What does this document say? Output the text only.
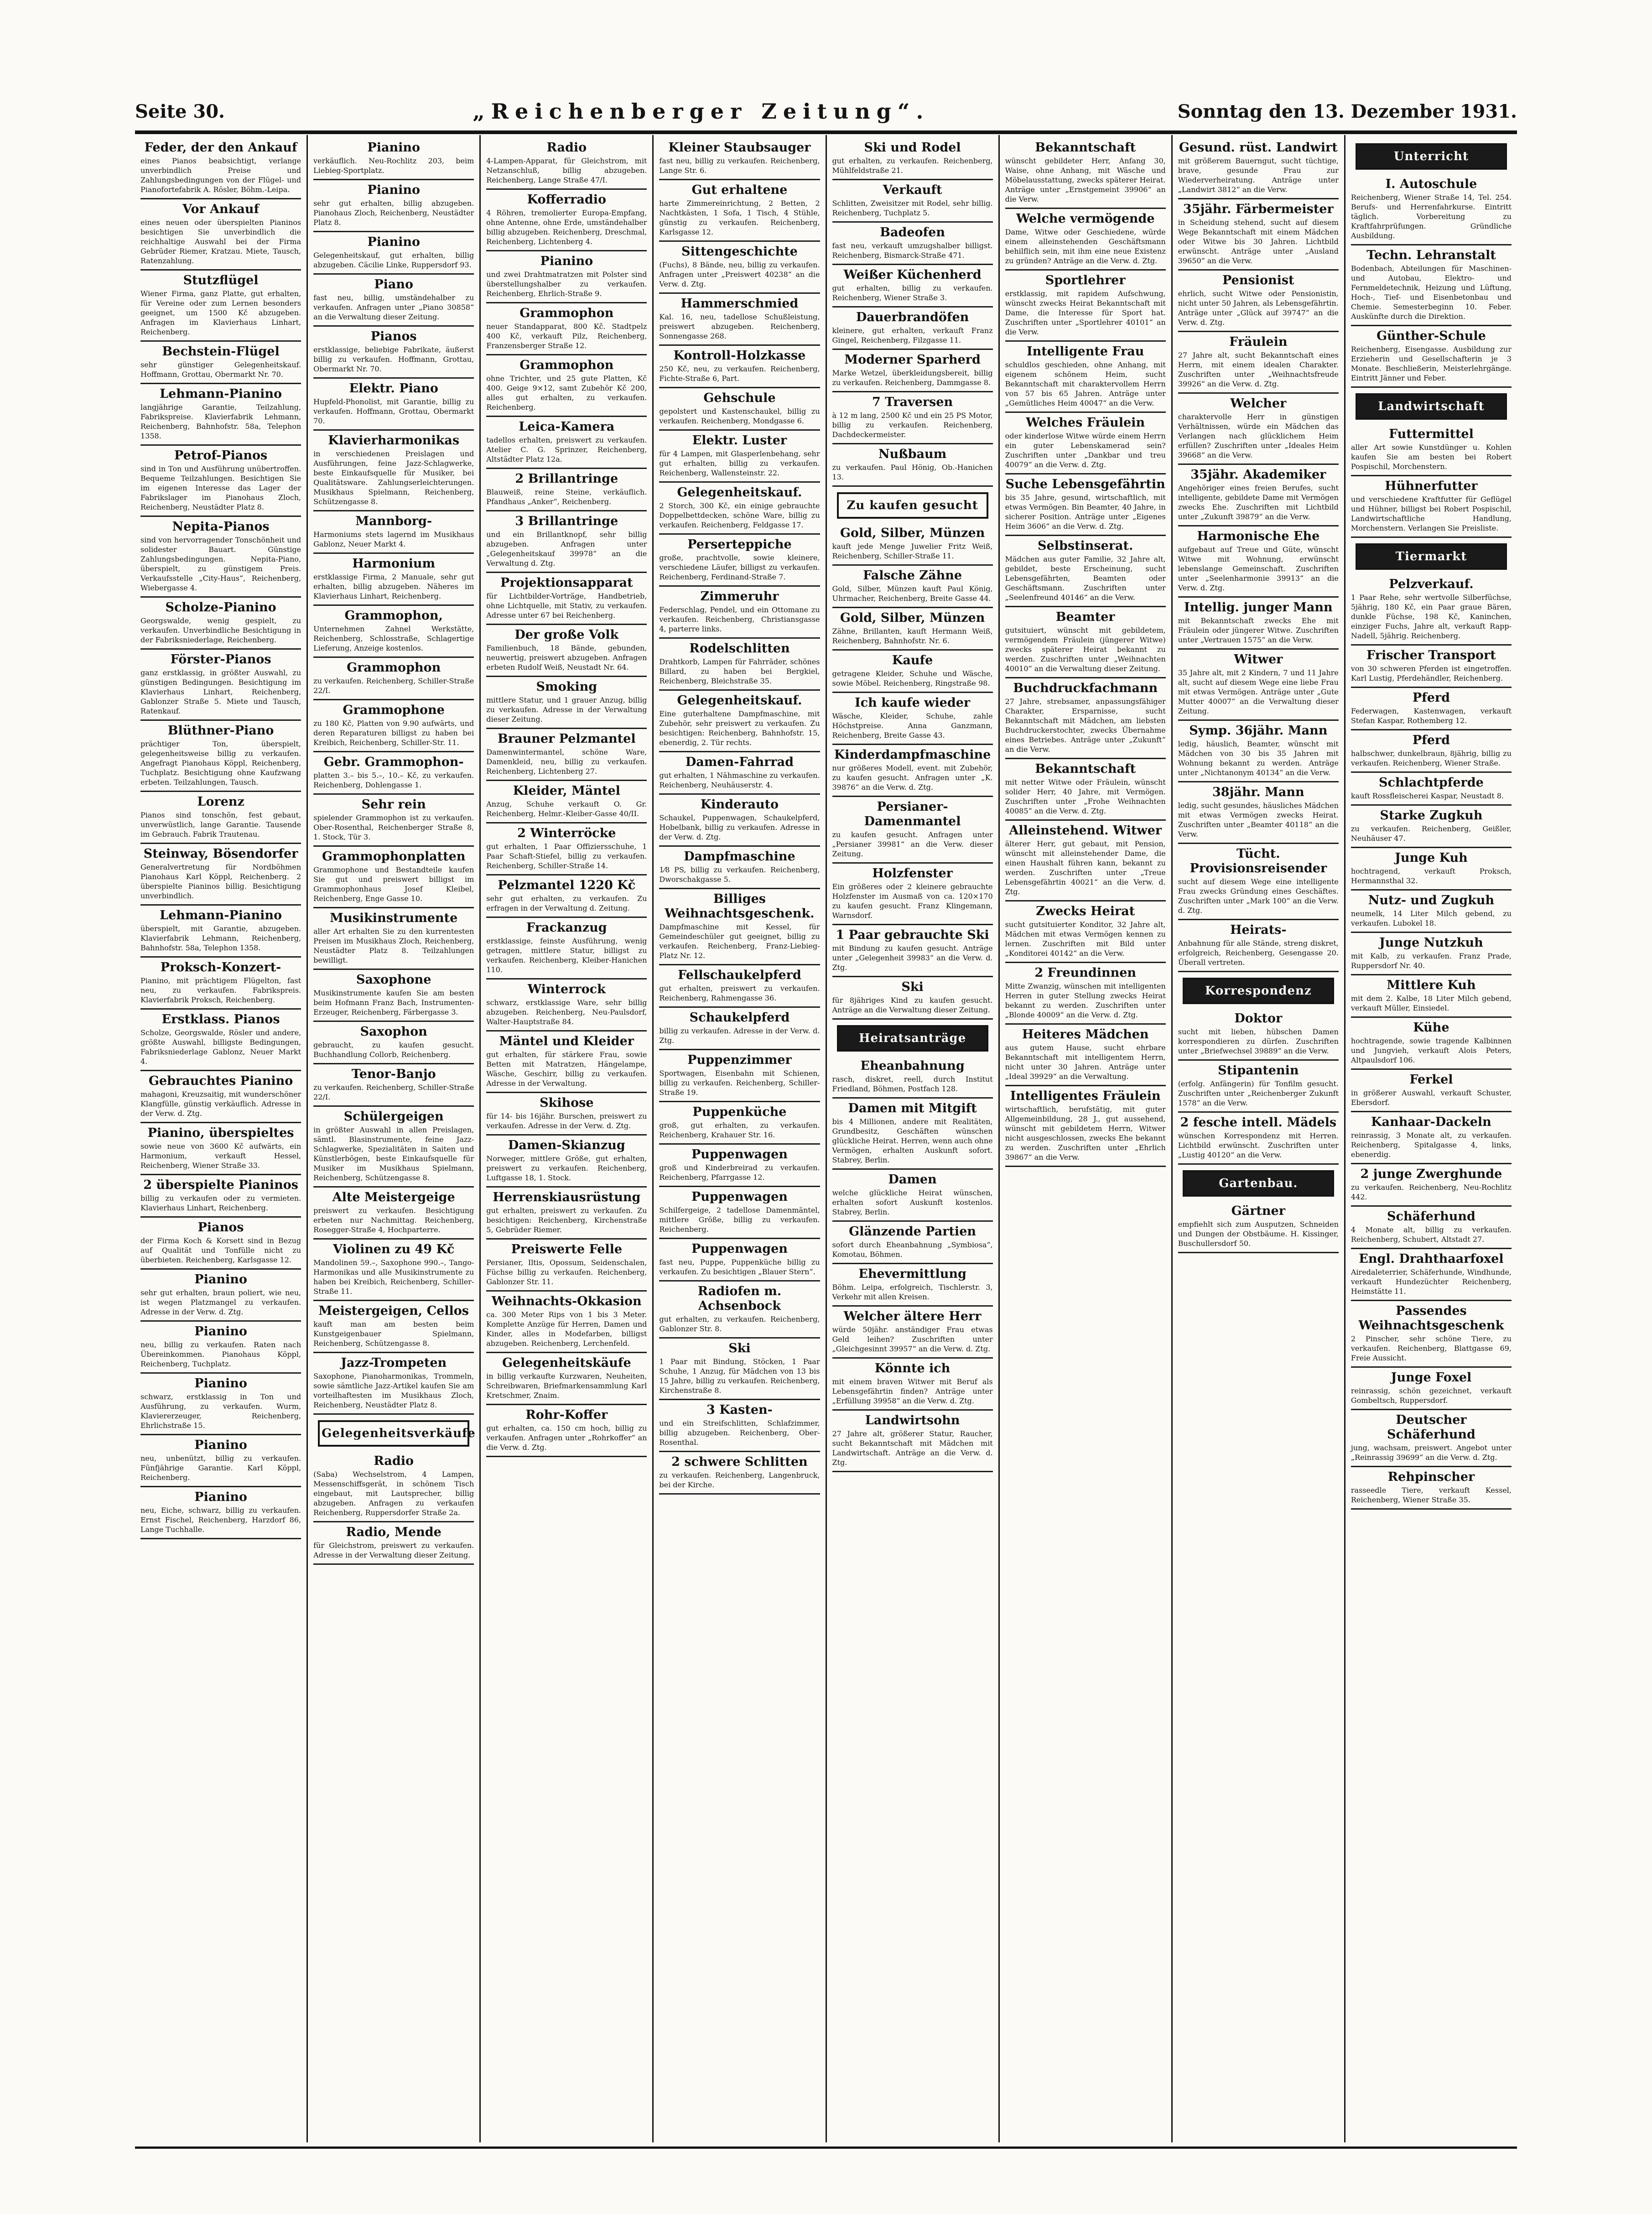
Seite 30.	„Reichenberger Zeitung“.	Sonntag den 13. Dezember 1931.
Feder, der den Ankauf
eines Pianos beabsichtigt, verlange unverbindlich Preise und Zahlungsbedingungen von der Flügel- und Pianofortefabrik A. Rösler, Böhm.-Leipa.
Vor Ankauf
eines neuen oder überspielten Pianinos besichtigen Sie unverbindlich die reichhaltige Auswahl bei der Firma Gebrüder Riemer, Kratzau. Miete, Tausch, Ratenzahlung.
Stutzflügel
Wiener Firma, ganz Platte, gut erhalten, für Vereine oder zum Lernen besonders geeignet, um 1500 Kč abzugeben. Anfragen im Klavierhaus Linhart, Reichenberg.
Bechstein-Flügel
sehr günstiger Gelegenheitskauf. Hoffmann, Grottau, Obermarkt Nr. 70.
Lehmann-Pianino
langjährige Garantie, Teilzahlung, Fabrikspreise. Klavierfabrik Lehmann, Reichenberg, Bahnhofstr. 58a, Telephon 1358.
Petrof-Pianos
sind in Ton und Ausführung unübertroffen. Bequeme Teilzahlungen. Besichtigen Sie im eigenen Interesse das Lager der Fabrikslager im Pianohaus Zloch, Reichenberg, Neustädter Platz 8.
Nepita-Pianos
sind von hervorragender Tonschönheit und solidester Bauart. Günstige Zahlungsbedingungen. Nepita-Piano, überspielt, zu günstigem Preis. Verkaufsstelle „City-Haus“, Reichenberg, Wiebergasse 4.
Scholze-Pianino
Georgswalde, wenig gespielt, zu verkaufen. Unverbindliche Besichtigung in der Fabriksniederlage, Reichenberg.
Förster-Pianos
ganz erstklassig, in größter Auswahl, zu günstigen Bedingungen. Besichtigung im Klavierhaus Linhart, Reichenberg, Gablonzer Straße 5. Miete und Tausch, Ratenkauf.
Blüthner-Piano
prächtiger Ton, überspielt, gelegenheitsweise billig zu verkaufen. Angefragt Pianohaus Köppl, Reichenberg, Tuchplatz. Besichtigung ohne Kaufzwang erbeten. Teilzahlungen, Tausch.
Lorenz
Pianos sind tonschön, fest gebaut, unverwüstlich, lange Garantie. Tausende im Gebrauch. Fabrik Trautenau.
Steinway, Bösendorfer
Generalvertretung für Nordböhmen Pianohaus Karl Köppl, Reichenberg. 2 überspielte Pianinos billig. Besichtigung unverbindlich.
Lehmann-Pianino
überspielt, mit Garantie, abzugeben. Klavierfabrik Lehmann, Reichenberg, Bahnhofstr. 58a, Telephon 1358.
Proksch-Konzert-
Pianino, mit prächtigem Flügelton, fast neu, zu verkaufen. Fabrikspreis. Klavierfabrik Proksch, Reichenberg.
Erstklass. Pianos
Scholze, Georgswalde, Rösler und andere, größte Auswahl, billigste Bedingungen, Fabriksniederlage Gablonz, Neuer Markt 4.
Gebrauchtes Pianino
mahagoni, Kreuzsaitig, mit wunderschöner Klangfülle, günstig verkäuflich. Adresse in der Verw. d. Ztg.
Pianino, überspieltes
sowie neue von 3600 Kč aufwärts, ein Harmonium, verkauft Hessel, Reichenberg, Wiener Straße 33.
2 überspielte Pianinos
billig zu verkaufen oder zu vermieten. Klavierhaus Linhart, Reichenberg.
Pianos
der Firma Koch & Korsett sind in Bezug auf Qualität und Tonfülle nicht zu überbieten. Reichenberg, Karlsgasse 12.
Pianino
sehr gut erhalten, braun poliert, wie neu, ist wegen Platzmangel zu verkaufen. Adresse in der Verw. d. Ztg.
Pianino
neu, billig zu verkaufen. Raten nach Übereinkommen. Pianohaus Köppl, Reichenberg, Tuchplatz.
Pianino
schwarz, erstklassig in Ton und Ausführung, zu verkaufen. Wurm, Klaviererzeuger, Reichenberg, Ehrlichstraße 15.
Pianino
neu, unbenützt, billig zu verkaufen. Fünfjährige Garantie. Karl Köppl, Reichenberg.
Pianino
neu, Eiche, schwarz, billig zu verkaufen. Ernst Fischel, Reichenberg, Harzdorf 86, Lange Tuchhalle.
Pianino
verkäuflich. Neu-Rochlitz 203, beim Liebieg-Sportplatz.
Pianino
sehr gut erhalten, billig abzugeben. Pianohaus Zloch, Reichenberg, Neustädter Platz 8.
Pianino
Gelegenheitskauf, gut erhalten, billig abzugeben. Cäcilie Linke, Ruppersdorf 93.
Piano
fast neu, billig, umständehalber zu verkaufen. Anfragen unter „Piano 30858“ an die Verwaltung dieser Zeitung.
Pianos
erstklassige, beliebige Fabrikate, äußerst billig zu verkaufen. Hoffmann, Grottau, Obermarkt Nr. 70.
Elektr. Piano
Hupfeld-Phonolist, mit Garantie, billig zu verkaufen. Hoffmann, Grottau, Obermarkt 70.
Klavierharmonikas
in verschiedenen Preislagen und Ausführungen, feine Jazz-Schlagwerke, beste Einkaufsquelle für Musiker, bei Qualitätsware. Zahlungserleichterungen. Musikhaus Spielmann, Reichenberg, Schützengasse 8.
Mannborg-
Harmoniums stets lagernd im Musikhaus Gablonz, Neuer Markt 4.
Harmonium
erstklassige Firma, 2 Manuale, sehr gut erhalten, billig abzugeben. Näheres im Klavierhaus Linhart, Reichenberg.
Grammophon,
Unternehmen Zahnel Werkstätte, Reichenberg, Schlosstraße, Schlagertige Lieferung, Anzeige kostenlos.
Grammophon
zu verkaufen. Reichenberg, Schiller-Straße 22/I.
Grammophone
zu 180 Kč, Platten von 9.90 aufwärts, und deren Reparaturen billigst zu haben bei Kreibich, Reichenberg, Schiller-Str. 11.
Gebr. Grammophon-
platten 3.– bis 5.–, 10.– Kč, zu verkaufen. Reichenberg, Dohlengasse 1.
Sehr rein
spielender Grammophon ist zu verkaufen. Ober-Rosenthal, Reichenberger Straße 8, 1. Stock, Tür 3.
Grammophonplatten
Grammophone und Bestandteile kaufen Sie gut und preiswert billigst im Grammophonhaus Josef Kleibel, Reichenberg, Enge Gasse 10.
Musikinstrumente
aller Art erhalten Sie zu den kurrentesten Preisen im Musikhaus Zloch, Reichenberg, Neustädter Platz 8. Teilzahlungen bewilligt.
Saxophone
Musikinstrumente kaufen Sie am besten beim Hofmann Franz Bach, Instrumenten-Erzeuger, Reichenberg, Färbergasse 3.
Saxophon
gebraucht, zu kaufen gesucht. Buchhandlung Collorb, Reichenberg.
Tenor-Banjo
zu verkaufen. Reichenberg, Schiller-Straße 22/I.
Schülergeigen
in größter Auswahl in allen Preislagen, sämtl. Blasinstrumente, feine Jazz-Schlagwerke, Spezialitäten in Saiten und Künstlerbögen, beste Einkaufsquelle für Musiker im Musikhaus Spielmann, Reichenberg, Schützengasse 8.
Alte Meistergeige
preiswert zu verkaufen. Besichtigung erbeten nur Nachmittag. Reichenberg, Rosegger-Straße 4, Hochparterre.
Violinen zu 49 Kč
Mandolinen 59.–, Saxophone 990.–, Tango-Harmonikas und alle Musikinstrumente zu haben bei Kreibich, Reichenberg, Schiller-Straße 11.
Meistergeigen, Cellos
kauft man am besten beim Kunstgeigenbauer Spielmann, Reichenberg, Schützengasse 8.
Jazz-Trompeten
Saxophone, Pianoharmonikas, Trommeln, sowie sämtliche Jazz-Artikel kaufen Sie am vorteilhaftesten im Musikhaus Zloch, Reichenberg, Neustädter Platz 8.
Gelegenheitsverkäufe
Radio
(Saba) Wechselstrom, 4 Lampen, Messenschiffsgerät, in schönem Tisch eingebaut, mit Lautsprecher, billig abzugeben. Anfragen zu verkaufen Reichenberg, Ruppersdorfer Straße 2a.
Radio, Mende
für Gleichstrom, preiswert zu verkaufen. Adresse in der Verwaltung dieser Zeitung.
Radio
4-Lampen-Apparat, für Gleichstrom, mit Netzanschluß, billig abzugeben. Reichenberg, Lange Straße 47/I.
Kofferradio
4 Röhren, tremolierter Europa-Empfang, ohne Antenne, ohne Erde, umständehalber billig abzugeben. Reichenberg, Dreschmal, Reichenberg, Lichtenberg 4.
Pianino
und zwei Drahtmatratzen mit Polster sind überstellungshalber zu verkaufen. Reichenberg, Ehrlich-Straße 9.
Grammophon
neuer Standapparat, 800 Kč. Stadtpelz 400 Kč, verkauft Pilz, Reichenberg, Franzensberger Straße 12.
Grammophon
ohne Trichter, und 25 gute Platten, Kč 400. Geige 9×12, samt Zubehör Kč 200, alles gut erhalten, zu verkaufen. Reichenberg.
Leica-Kamera
tadellos erhalten, preiswert zu verkaufen. Atelier C. G. Sprinzer, Reichenberg, Altstädter Platz 12a.
2 Brillantringe
Blauweiß, reine Steine, verkäuflich. Pfandhaus „Anker“, Reichenberg.
3 Brillantringe
und ein Brillantknopf, sehr billig abzugeben. Anfragen unter „Gelegenheitskauf 39978“ an die Verwaltung d. Ztg.
Projektionsapparat
für Lichtbilder-Vorträge, Handbetrieb, ohne Lichtquelle, mit Stativ, zu verkaufen. Adresse unter 67 bei Reichenberg.
Der große Volk
Familienbuch, 18 Bände, gebunden, neuwertig, preiswert abzugeben. Anfragen erbeten Rudolf Weiß, Neustadt Nr. 64.
Smoking
mittlere Statur, und 1 grauer Anzug, billig zu verkaufen. Adresse in der Verwaltung dieser Zeitung.
Brauner Pelzmantel
Damenwintermantel, schöne Ware, Damenkleid, neu, billig zu verkaufen. Reichenberg, Lichtenberg 27.
Kleider, Mäntel
Anzug, Schuhe verkauft O. Gr. Reichenberg, Helmr.-Kleiber-Gasse 40/II.
2 Winterröcke
gut erhalten, 1 Paar Offiziersschuhe, 1 Paar Schaft-Stiefel, billig zu verkaufen. Reichenberg, Schiller-Straße 14.
Pelzmantel 1220 Kč
sehr gut erhalten, zu verkaufen. Zu erfragen in der Verwaltung d. Zeitung.
Frackanzug
erstklassige, feinste Ausführung, wenig getragen, mittlere Statur, billigst zu verkaufen. Reichenberg, Kleiber-Hanichen 110.
Winterrock
schwarz, erstklassige Ware, sehr billig abzugeben. Reichenberg, Neu-Paulsdorf, Walter-Hauptstraße 84.
Mäntel und Kleider
gut erhalten, für stärkere Frau, sowie Betten mit Matratzen, Hängelampe, Wäsche, Geschirr, billig zu verkaufen. Adresse in der Verwaltung.
Skihose
für 14- bis 16jähr. Burschen, preiswert zu verkaufen. Adresse in der Verw. d. Ztg.
Damen-Skianzug
Norweger, mittlere Größe, gut erhalten, preiswert zu verkaufen. Reichenberg, Luftgasse 18, 1. Stock.
Herrenskiausrüstung
gut erhalten, preiswert zu verkaufen. Zu besichtigen: Reichenberg, Kirchenstraße 5, Gebrüder Riemer.
Preiswerte Felle
Persianer, Iltis, Opossum, Seidenschalen, Füchse billig zu verkaufen. Reichenberg, Gablonzer Str. 11.
Weihnachts-Okkasion
ca. 300 Meter Rips von 1 bis 3 Meter. Komplette Anzüge für Herren, Damen und Kinder, alles in Modefarben, billigst abzugeben. Reichenberg, Lerchenfeld.
Gelegenheitskäufe
in billig verkaufte Kurzwaren, Neuheiten, Schreibwaren, Briefmarkensammlung Karl Kretschmer, Znaim.
Rohr-Koffer
gut erhalten, ca. 150 cm hoch, billig zu verkaufen. Anfragen unter „Rohrkoffer“ an die Verw. d. Ztg.
Kleiner Staubsauger
fast neu, billig zu verkaufen. Reichenberg, Lange Str. 6.
Gut erhaltene
harte Zimmereinrichtung, 2 Betten, 2 Nachtkästen, 1 Sofa, 1 Tisch, 4 Stühle, günstig zu verkaufen. Reichenberg, Karlsgasse 12.
Sittengeschichte
(Fuchs), 8 Bände, neu, billig zu verkaufen. Anfragen unter „Preiswert 40238“ an die Verw. d. Ztg.
Hammerschmied
Kal. 16, neu, tadellose Schußleistung, preiswert abzugeben. Reichenberg, Sonnengasse 268.
Kontroll-Holzkasse
250 Kč, neu, zu verkaufen. Reichenberg, Fichte-Straße 6, Part.
Gehschule
gepolstert und Kastenschaukel, billig zu verkaufen. Reichenberg, Mondgasse 6.
Elektr. Luster
für 4 Lampen, mit Glasperlenbehang, sehr gut erhalten, billig zu verkaufen. Reichenberg, Wallensteinstr. 22.
Gelegenheitskauf.
2 Storch, 300 Kč, ein einige gebrauchte Doppelbettdecken, schöne Ware, billig zu verkaufen. Reichenberg, Feldgasse 17.
Perserteppiche
große, prachtvolle, sowie kleinere, verschiedene Läufer, billigst zu verkaufen. Reichenberg, Ferdinand-Straße 7.
Zimmeruhr
Federschlag, Pendel, und ein Ottomane zu verkaufen. Reichenberg, Christiansgasse 4, parterre links.
Rodelschlitten
Drahtkorb, Lampen für Fahrräder, schönes Billard, zu haben bei Bergkiel, Reichenberg, Bleichstraße 35.
Gelegenheitskauf.
Eine guterhaltene Dampfmaschine, mit Zubehör, sehr preiswert zu verkaufen. Zu besichtigen: Reichenberg, Bahnhofstr. 15, ebenerdig, 2. Tür rechts.
Damen-Fahrrad
gut erhalten, 1 Nähmaschine zu verkaufen. Reichenberg, Neuhäuserstr. 4.
Kinderauto
Schaukel, Puppenwagen, Schaukelpferd, Hobelbank, billig zu verkaufen. Adresse in der Verw. d. Ztg.
Dampfmaschine
1⁄8 PS, billig zu verkaufen. Reichenberg, Dworschakgasse 5.
Billiges Weihnachtsgeschenk.
Dampfmaschine mit Kessel, für Gemeindeschüler gut geeignet, billig zu verkaufen. Reichenberg, Franz-Liebieg-Platz Nr. 12.
Fellschaukelpferd
gut erhalten, preiswert zu verkaufen. Reichenberg, Rahmengasse 36.
Schaukelpferd
billig zu verkaufen. Adresse in der Verw. d. Ztg.
Puppenzimmer
Sportwagen, Eisenbahn mit Schienen, billig zu verkaufen. Reichenberg, Schiller-Straße 19.
Puppenküche
groß, gut erhalten, zu verkaufen. Reichenberg, Krahauer Str. 16.
Puppenwagen
groß und Kinderbreirad zu verkaufen. Reichenberg, Pfarrgasse 12.
Puppenwagen
Schilfergeige, 2 tadellose Damenmäntel, mittlere Größe, billig zu verkaufen. Reichenberg.
Puppenwagen
fast neu, Puppe, Puppenküche billig zu verkaufen. Zu besichtigen „Blauer Stern“.
Radiofen m. Achsenbock
gut erhalten, zu verkaufen. Reichenberg, Gablonzer Str. 8.
Ski
1 Paar mit Bindung, Stöcken, 1 Paar Schuhe, 1 Anzug, für Mädchen von 13 bis 15 Jahre, billig zu verkaufen. Reichenberg, Kirchenstraße 8.
3 Kasten-
und ein Streifschlitten, Schlafzimmer, billig abzugeben. Reichenberg, Ober-Rosenthal.
2 schwere Schlitten
zu verkaufen. Reichenberg, Langenbruck, bei der Kirche.
Ski und Rodel
gut erhalten, zu verkaufen. Reichenberg, Mühlfeldstraße 21.
Verkauft
Schlitten, Zweisitzer mit Rodel, sehr billig. Reichenberg, Tuchplatz 5.
Badeofen
fast neu, verkauft umzugshalber billigst. Reichenberg, Bismarck-Straße 471.
Weißer Küchenherd
gut erhalten, billig zu verkaufen. Reichenberg, Wiener Straße 3.
Dauerbrandöfen
kleinere, gut erhalten, verkauft Franz Gingel, Reichenberg, Filzgasse 11.
Moderner Sparherd
Marke Wetzel, überkleidungsbereit, billig zu verkaufen. Reichenberg, Dammgasse 8.
7 Traversen
à 12 m lang, 2500 Kč und ein 25 PS Motor, billig zu verkaufen. Reichenberg, Dachdeckermeister.
Nußbaum
zu verkaufen. Paul Hönig, Ob.-Hanichen 13.
Zu kaufen gesucht
Gold, Silber, Münzen
kauft jede Menge Juwelier Fritz Weiß, Reichenberg, Schiller-Straße 11.
Falsche Zähne
Gold, Silber, Münzen kauft Paul König, Uhrmacher, Reichenberg, Breite Gasse 44.
Gold, Silber, Münzen
Zähne, Brillanten, kauft Hermann Weiß, Reichenberg, Bahnhofstr. Nr. 6.
Kaufe
getragene Kleider, Schuhe und Wäsche, sowie Möbel. Reichenberg, Ringstraße 98.
Ich kaufe wieder
Wäsche, Kleider, Schuhe, zahle Höchstpreise. Anna Ganzmann, Reichenberg, Breite Gasse 43.
Kinderdampfmaschine
nur größeres Modell, event. mit Zubehör, zu kaufen gesucht. Anfragen unter „K. 39876“ an die Verw. d. Ztg.
Persianer-Damenmantel
zu kaufen gesucht. Anfragen unter „Persianer 39981“ an die Verw. dieser Zeitung.
Holzfenster
Ein größeres oder 2 kleinere gebrauchte Holzfenster im Ausmaß von ca. 120×170 zu kaufen gesucht. Franz Klingemann, Warnsdorf.
1 Paar gebrauchte Ski
mit Bindung zu kaufen gesucht. Anträge unter „Gelegenheit 39983“ an die Verw. d. Ztg.
Ski
für 8jähriges Kind zu kaufen gesucht. Anträge an die Verwaltung dieser Zeitung.
Heiratsanträge
Eheanbahnung
rasch, diskret, reell, durch Institut Friedland, Böhmen, Postfach 128.
Damen mit Mitgift
bis 4 Millionen, andere mit Realitäten, Grundbesitz, Geschäften wünschen glückliche Heirat. Herren, wenn auch ohne Vermögen, erhalten Auskunft sofort. Stabrey, Berlin.
Damen
welche glückliche Heirat wünschen, erhalten sofort Auskunft kostenlos. Stabrey, Berlin.
Glänzende Partien
sofort durch Eheanbahnung „Symbiosa“, Komotau, Böhmen.
Ehevermittlung
Böhm. Leipa, erfolgreich, Tischlerstr. 3, Verkehr mit allen Kreisen.
Welcher ältere Herr
würde 50jähr. anständiger Frau etwas Geld leihen? Zuschriften unter „Gleichgesinnt 39957“ an die Verw. d. Ztg.
Könnte ich
mit einem braven Witwer mit Beruf als Lebensgefährtin finden? Anträge unter „Erfüllung 39958“ an die Verw. d. Ztg.
Landwirtsohn
27 Jahre alt, größerer Statur, Raucher, sucht Bekanntschaft mit Mädchen mit Landwirtschaft. Anträge an die Verw. d. Ztg.
Bekanntschaft
wünscht gebildeter Herr, Anfang 30, Waise, ohne Anhang, mit Wäsche und Möbelausstattung, zwecks späterer Heirat. Anträge unter „Ernstgemeint 39906“ an die Verw.
Welche vermögende
Dame, Witwe oder Geschiedene, würde einem alleinstehenden Geschäftsmann behilflich sein, mit ihm eine neue Existenz zu gründen? Anträge an die Verw. d. Ztg.
Sportlehrer
erstklassig, mit rapidem Aufschwung, wünscht zwecks Heirat Bekanntschaft mit Dame, die Interesse für Sport hat. Zuschriften unter „Sportlehrer 40101“ an die Verw.
Intelligente Frau
schuldlos geschieden, ohne Anhang, mit eigenem schönem Heim, sucht Bekanntschaft mit charaktervollem Herrn von 57 bis 65 Jahren. Anträge unter „Gemütliches Heim 40047“ an die Verw.
Welches Fräulein
oder kinderlose Witwe würde einem Herrn ein guter Lebenskamerad sein? Zuschriften unter „Dankbar und treu 40079“ an die Verw. d. Ztg.
Suche Lebensgefährtin
bis 35 Jahre, gesund, wirtschaftlich, mit etwas Vermögen. Bin Beamter, 40 Jahre, in sicherer Position. Anträge unter „Eigenes Heim 3606“ an die Verw. d. Ztg.
Selbstinserat.
Mädchen aus guter Familie, 32 Jahre alt, gebildet, beste Erscheinung, sucht Lebensgefährten, Beamten oder Geschäftsmann. Zuschriften unter „Seelenfreund 40146“ an die Verw.
Beamter
gutsituiert, wünscht mit gebildetem, vermögendem Fräulein (jüngerer Witwe) zwecks späterer Heirat bekannt zu werden. Zuschriften unter „Weihnachten 40010“ an die Verwaltung dieser Zeitung.
Buchdruckfachmann
27 Jahre, strebsamer, anpassungsfähiger Charakter, Ersparnisse, sucht Bekanntschaft mit Mädchen, am liebsten Buchdruckerstochter, zwecks Übernahme eines Betriebes. Anträge unter „Zukunft“ an die Verw.
Bekanntschaft
mit netter Witwe oder Fräulein, wünscht solider Herr, 40 Jahre, mit Vermögen. Zuschriften unter „Frohe Weihnachten 40085“ an die Verw. d. Ztg.
Alleinstehend. Witwer
älterer Herr, gut gebaut, mit Pension, wünscht mit alleinstehender Dame, die einen Haushalt führen kann, bekannt zu werden. Zuschriften unter „Treue Lebensgefährtin 40021“ an die Verw. d. Ztg.
Zwecks Heirat
sucht gutsituierter Konditor, 32 Jahre alt, Mädchen mit etwas Vermögen kennen zu lernen. Zuschriften mit Bild unter „Konditorei 40142“ an die Verw.
2 Freundinnen
Mitte Zwanzig, wünschen mit intelligenten Herren in guter Stellung zwecks Heirat bekannt zu werden. Zuschriften unter „Blonde 40009“ an die Verw. d. Ztg.
Heiteres Mädchen
aus gutem Hause, sucht ehrbare Bekanntschaft mit intelligentem Herrn, nicht unter 30 Jahren. Anträge unter „Ideal 39929“ an die Verwaltung.
Intelligentes Fräulein
wirtschaftlich, berufstätig, mit guter Allgemeinbildung, 28 J., gut aussehend, wünscht mit gebildetem Herrn, Witwer nicht ausgeschlossen, zwecks Ehe bekannt zu werden. Zuschriften unter „Ehrlich 39867“ an die Verw.
Gesund. rüst. Landwirt
mit größerem Bauerngut, sucht tüchtige, brave, gesunde Frau zur Wiederverheiratung. Anträge unter „Landwirt 3812“ an die Verw.
35jähr. Färbermeister
in Scheidung stehend, sucht auf diesem Wege Bekanntschaft mit einem Mädchen oder Witwe bis 30 Jahren. Lichtbild erwünscht. Anträge unter „Ausland 39650“ an die Verw.
Pensionist
ehrlich, sucht Witwe oder Pensionistin, nicht unter 50 Jahren, als Lebensgefährtin. Anträge unter „Glück auf 39747“ an die Verw. d. Ztg.
Fräulein
27 Jahre alt, sucht Bekanntschaft eines Herrn, mit einem idealen Charakter. Zuschriften unter „Weihnachtsfreude 39926“ an die Verw. d. Ztg.
Welcher
charaktervolle Herr in günstigen Verhältnissen, würde ein Mädchen das Verlangen nach glücklichem Heim erfüllen? Zuschriften unter „Ideales Heim 39668“ an die Verw.
35jähr. Akademiker
Angehöriger eines freien Berufes, sucht intelligente, gebildete Dame mit Vermögen zwecks Ehe. Zuschriften mit Lichtbild unter „Zukunft 39879“ an die Verw.
Harmonische Ehe
aufgebaut auf Treue und Güte, wünscht Witwe mit Wohnung, erwünscht lebenslange Gemeinschaft. Zuschriften unter „Seelenharmonie 39913“ an die Verw. d. Ztg.
Intellig. junger Mann
mit Bekanntschaft zwecks Ehe mit Fräulein oder jüngerer Witwe. Zuschriften unter „Vertrauen 1575“ an die Verw.
Witwer
35 Jahre alt, mit 2 Kindern, 7 und 11 Jahre alt, sucht auf diesem Wege eine liebe Frau mit etwas Vermögen. Anträge unter „Gute Mutter 40007“ an die Verwaltung dieser Zeitung.
Symp. 36jähr. Mann
ledig, häuslich, Beamter, wünscht mit Mädchen von 30 bis 35 Jahren mit Wohnung bekannt zu werden. Anträge unter „Nichtanonym 40134“ an die Verw.
38jähr. Mann
ledig, sucht gesundes, häusliches Mädchen mit etwas Vermögen zwecks Heirat. Zuschriften unter „Beamter 40118“ an die Verw.
Tücht. Provisionsreisender
sucht auf diesem Wege eine intelligente Frau zwecks Gründung eines Geschäftes. Zuschriften unter „Mark 100“ an die Verw. d. Ztg.
Heirats-
Anbahnung für alle Stände, streng diskret, erfolgreich, Reichenberg, Gesengasse 20. Überall vertreten.
Korrespondenz
Doktor
sucht mit lieben, hübschen Damen korrespondieren zu dürfen. Zuschriften unter „Briefwechsel 39889“ an die Verw.
Stipantenin
(erfolg. Anfängerin) für Tonfilm gesucht. Zuschriften unter „Reichenberger Zukunft 1578“ an die Verw.
2 fesche intell. Mädels
wünschen Korrespondenz mit Herren. Lichtbild erwünscht. Zuschriften unter „Lustig 40120“ an die Verw.
Gartenbau.
Gärtner
empfiehlt sich zum Ausputzen, Schneiden und Dungen der Obstbäume. H. Kissinger, Buschullersdorf 50.
Unterricht
I. Autoschule
Reichenberg, Wiener Straße 14, Tel. 254. Berufs- und Herrenfahrkurse. Eintritt täglich. Vorbereitung zu Kraftfahrprüfungen. Gründliche Ausbildung.
Techn. Lehranstalt
Bodenbach, Abteilungen für Maschinen- und Autobau, Elektro- und Fernmeldetechnik, Heizung und Lüftung, Hoch-, Tief- und Eisenbetonbau und Chemie. Semesterbeginn 10. Feber. Auskünfte durch die Direktion.
Günther-Schule
Reichenberg, Eisengasse. Ausbildung zur Erzieherin und Gesellschafterin je 3 Monate. Beschließerin, Meisterlehrgänge. Eintritt Jänner und Feber.
Landwirtschaft
Futtermittel
aller Art sowie Kunstdünger u. Kohlen kaufen Sie am besten bei Robert Pospischil, Morchenstern.
Hühnerfutter
und verschiedene Kraftfutter für Geflügel und Hühner, billigst bei Robert Pospischil, Landwirtschaftliche Handlung, Morchenstern. Verlangen Sie Preisliste.
Tiermarkt
Pelzverkauf.
1 Paar Rehe, sehr wertvolle Silberfüchse, 5jährig, 180 Kč, ein Paar graue Bären, dunkle Füchse, 198 Kč, Kaninchen, einziger Fuchs, Jahre alt, verkauft Rapp-Nadell, 5jährig. Reichenberg.
Frischer Transport
von 30 schweren Pferden ist eingetroffen. Karl Lustig, Pferdehändler, Reichenberg.
Pferd
Federwagen, Kastenwagen, verkauft Stefan Kaspar, Rothemberg 12.
Pferd
halbschwer, dunkelbraun, 8jährig, billig zu verkaufen. Reichenberg, Wiener Straße.
Schlachtpferde
kauft Rossfleischerei Kaspar, Neustadt 8.
Starke Zugkuh
zu verkaufen. Reichenberg, Geißler, Neuhäuser 47.
Junge Kuh
hochtragend, verkauft Proksch, Hermannsthal 32.
Nutz- und Zugkuh
neumelk, 14 Liter Milch gebend, zu verkaufen. Lubokel 18.
Junge Nutzkuh
mit Kalb, zu verkaufen. Franz Prade, Ruppersdorf Nr. 40.
Mittlere Kuh
mit dem 2. Kalbe, 18 Liter Milch gebend, verkauft Müller, Einsiedel.
Kühe
hochtragende, sowie tragende Kalbinnen und Jungvieh, verkauft Alois Peters, Altpaulsdorf 106.
Ferkel
in größerer Auswahl, verkauft Schuster, Ebersdorf.
Kanhaar-Dackeln
reinrassig, 3 Monate alt, zu verkaufen. Reichenberg, Spitalgasse 4, links, ebenerdig.
2 junge Zwerghunde
zu verkaufen. Reichenberg, Neu-Rochlitz 442.
Schäferhund
4 Monate alt, billig zu verkaufen. Reichenberg, Schubert, Altstadt 27.
Engl. Drahthaarfoxel
Airedaleterrier, Schäferhunde, Windhunde, verkauft Hundezüchter Reichenberg, Heimstätte 11.
Passendes Weihnachtsgeschenk
2 Pinscher, sehr schöne Tiere, zu verkaufen. Reichenberg, Blattgasse 69, Freie Aussicht.
Junge Foxel
reinrassig, schön gezeichnet, verkauft Gombeltsch, Ruppersdorf.
Deutscher Schäferhund
jung, wachsam, preiswert. Angebot unter „Reinrassig 39699“ an die Verw. d. Ztg.
Rehpinscher
rasseedle Tiere, verkauft Kessel, Reichenberg, Wiener Straße 35.
